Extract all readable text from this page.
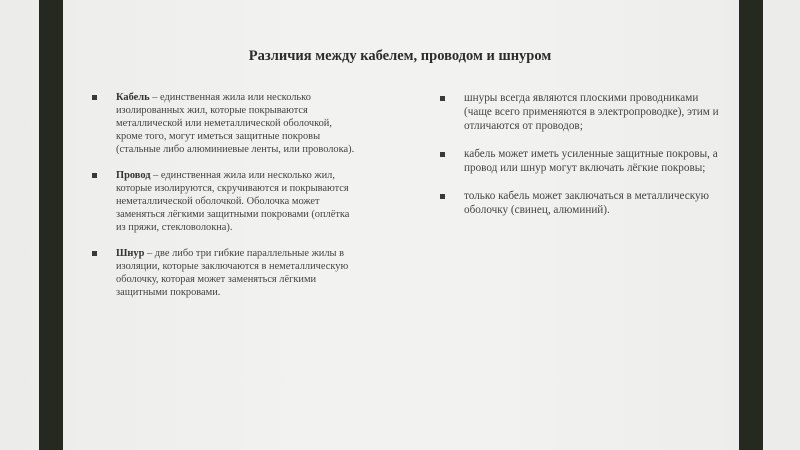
Различия между кабелем, проводом и шнуром
Кабель – единственная жила или несколько изолированных жил, которые покрываются металлической или неметаллической оболочкой, кроме того, могут иметься защитные покровы (стальные либо алюминиевые ленты, или проволока).
Провод – единственная жила или несколько жил, которые изолируются, скручиваются и покрываются неметаллической оболочкой. Оболочка может заменяться лёгкими защитными покровами (оплётка из пряжи, стекловолокна).
Шнур – две либо три гибкие параллельные жилы в изоляции, которые заключаются в неметаллическую оболочку, которая может заменяться лёгкими защитными покровами.
шнуры всегда являются плоскими проводниками (чаще всего применяются в электропроводке), этим и отличаются от проводов;
кабель может иметь усиленные защитные покровы, а провод или шнур могут включать лёгкие покровы;
только кабель может заключаться в металлическую оболочку (свинец, алюминий).
